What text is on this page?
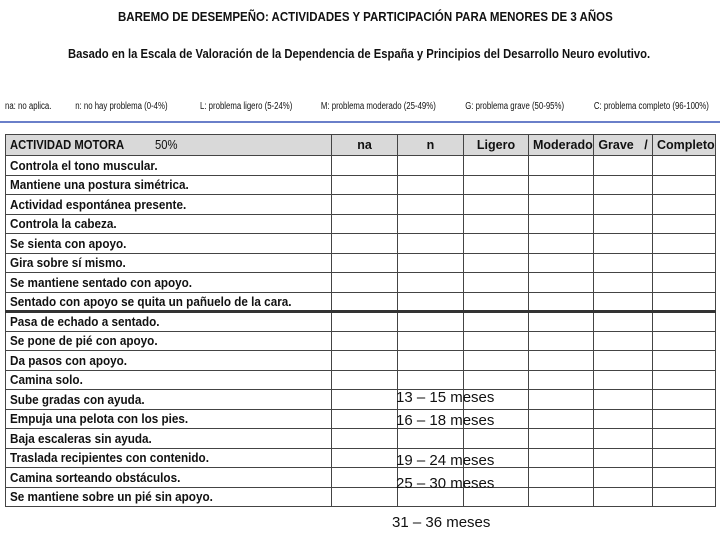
BAREMO DE DESEMPEÑO: ACTIVIDADES Y PARTICIPACIÓN PARA MENORES DE 3 AÑOS
Basado en la Escala de Valoración de la Dependencia de España y Principios del Desarrollo Neuro evolutivo.
na: no aplica. n: no hay problema (0-4%)	L: problema ligero (5-24%)	M: problema moderado (25-49%)	G: problema grave (50-95%)	C: problema completo (96-100%)
ACTIVIDAD MOTORA 50%	na	n	Ligero	Moderado	Grave /	Completo
Controla el tono muscular.						
Mantiene una postura simétrica.						
Actividad espontánea presente.						
Controla la cabeza.						
Se sienta con apoyo.						
Gira sobre sí mismo.						
Se mantiene sentado con apoyo.						
Sentado con apoyo se quita un pañuelo de la cara.						
Pasa de echado a sentado.						
Se pone de pié con apoyo.						
Da pasos con apoyo.						
Camina solo.						
Sube gradas con ayuda.						
Empuja una pelota con los pies.						
Baja escaleras sin ayuda.						
Traslada recipientes con contenido.						
Camina sorteando obstáculos.						
Se mantiene sobre un pié sin apoyo.						
13 – 15 meses
16 – 18 meses
19 – 24 meses
25 – 30 meses
31 – 36 meses
